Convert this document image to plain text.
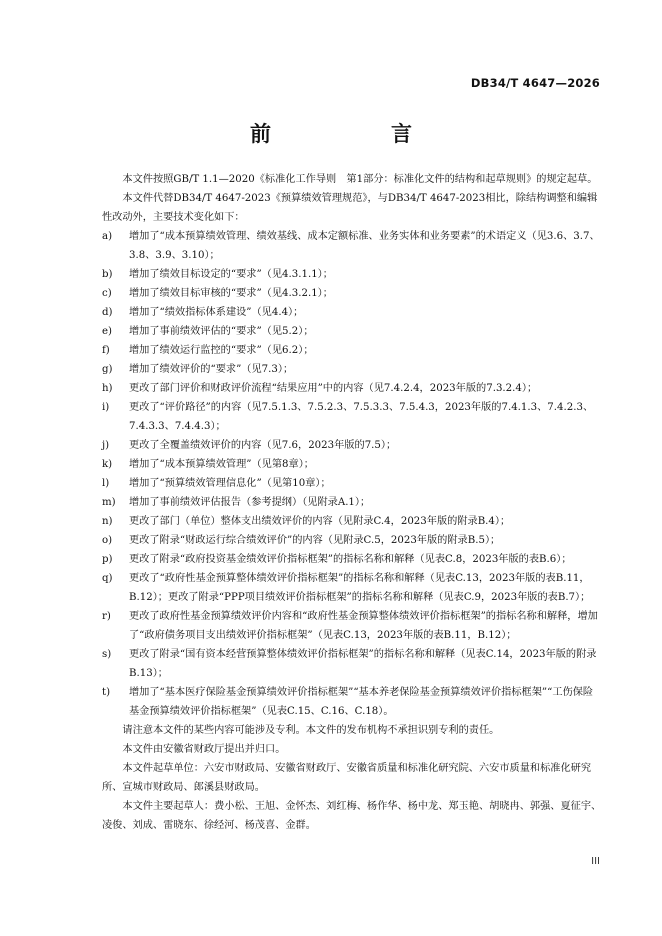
DB34/T 4647—2026
前　　言

本文件按照GB/T 1.1—2020《标准化工作导则　第1部分：标准化文件的结构和起草规则》的规定起草。

本文件代替DB34/T 4647-2023《预算绩效管理规范》，与DB34/T 4647-2023相比，除结构调整和编辑性改动外，主要技术变化如下：

a)	增加了“成本预算绩效管理、绩效基线、成本定额标准、业务实体和业务要素”的术语定义（见3.6、3.7、3.8、3.9、3.10）；
b)	增加了绩效目标设定的“要求”（见4.3.1.1）；
c)	增加了绩效目标审核的“要求”（见4.3.2.1）；
d)	增加了“绩效指标体系建设”（见4.4）；
e)	增加了事前绩效评估的“要求”（见5.2）；
f)	增加了绩效运行监控的“要求”（见6.2）；
g)	增加了绩效评价的“要求”（见7.3）；
h)	更改了部门评价和财政评价流程“结果应用”中的内容（见7.4.2.4，2023年版的7.3.2.4）；
i)	更改了“评价路径”的内容（见7.5.1.3、7.5.2.3、7.5.3.3、7.5.4.3，2023年版的7.4.1.3、7.4.2.3、7.4.3.3、7.4.4.3）；
j)	更改了全覆盖绩效评价的内容（见7.6，2023年版的7.5）；
k)	增加了“成本预算绩效管理”（见第8章）；
l)	增加了“预算绩效管理信息化”（见第10章）；
m)	增加了事前绩效评估报告（参考提纲）（见附录A.1）；
n)	更改了部门（单位）整体支出绩效评价的内容（见附录C.4，2023年版的附录B.4）；
o)	更改了附录“财政运行综合绩效评价”的内容（见附录C.5，2023年版的附录B.5）；
p)	更改了附录“政府投资基金绩效评价指标框架”的指标名称和解释（见表C.8，2023年版的表B.6）；
q)	更改了“政府性基金预算整体绩效评价指标框架”的指标名称和解释（见表C.13，2023年版的表B.11，B.12）；更改了附录“PPP项目绩效评价指标框架”的指标名称和解释（见表C.9，2023年版的表B.7）；
r)	更改了政府性基金预算绩效评价内容和“政府性基金预算整体绩效评价指标框架”的指标名称和解释，增加了“政府债务项目支出绩效评价指标框架”（见表C.13，2023年版的表B.11，B.12）；
s)	更改了附录“国有资本经营预算整体绩效评价指标框架”的指标名称和解释（见表C.14，2023年版的附录B.13）；
t)	增加了“基本医疗保险基金预算绩效评价指标框架”“基本养老保险基金预算绩效评价指标框架”“工伤保险基金预算绩效评价指标框架”（见表C.15、C.16、C.18）。

请注意本文件的某些内容可能涉及专利。本文件的发布机构不承担识别专利的责任。

本文件由安徽省财政厅提出并归口。

本文件起草单位：六安市财政局、安徽省财政厅、安徽省质量和标准化研究院、六安市质量和标准化研究所、宣城市财政局、郎溪县财政局。

本文件主要起草人：费小松、王旭、金怀杰、刘红梅、杨作华、杨中龙、郑玉艳、胡晓冉、郭强、夏征宇、凌俊、刘成、雷晓东、徐经河、杨茂喜、金群。

III
